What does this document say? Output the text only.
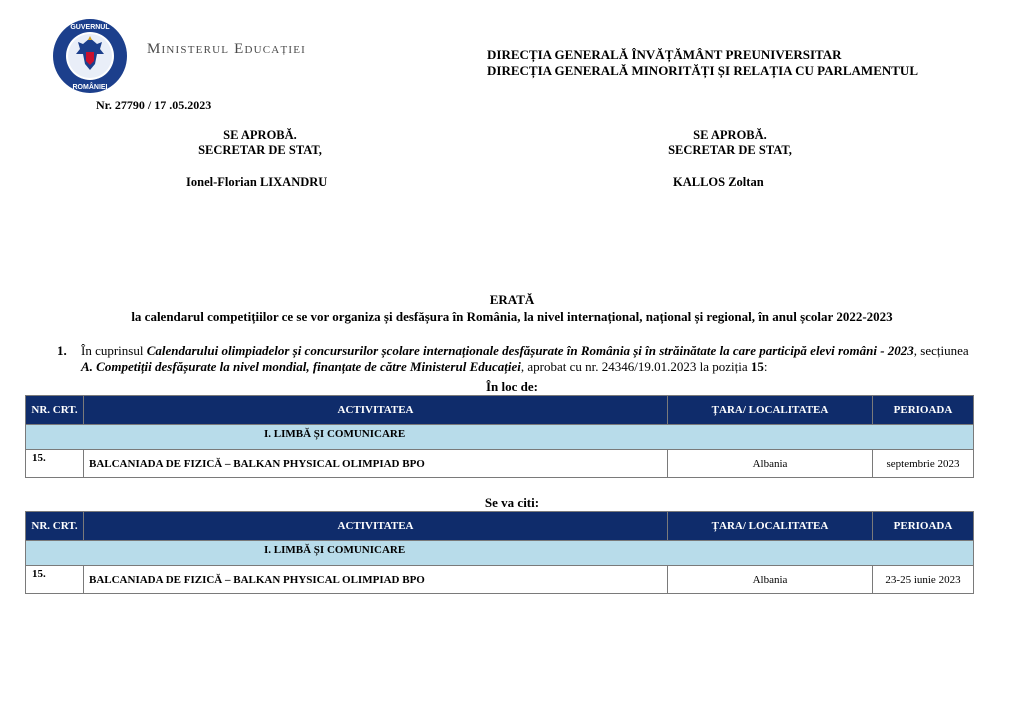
GUVERNUL
ROMÂNIEI
Ministerul Educației	DIRECȚIA GENERALĂ ÎNVĂȚĂMÂNT PREUNIVERSITAR
DIRECȚIA GENERALĂ MINORITĂȚI ȘI RELAȚIA CU PARLAMENTUL
Nr. 27790 / 17 .05.2023
SE APROBĂ.
SECRETAR DE STAT,
Ionel-Florian LIXANDRU
SE APROBĂ.
SECRETAR DE STAT,
KALLOS Zoltan
ERATĂ
la calendarul competițiilor ce se vor organiza și desfășura în România, la nivel internațional, național și regional, în anul școlar 2022-2023
1. În cuprinsul Calendarului olimpiadelor și concursurilor școlare internaționale desfășurate în România și în străinătate la care participă elevi români - 2023, secțiunea A. Competiții desfășurate la nivel mondial, finanțate de către Ministerul Educației, aprobat cu nr. 24346/19.01.2023 la poziția 15:
În loc de:
NR. CRT.	ACTIVITATEA	ȚARA/ LOCALITATEA	PERIOADA
I. LIMBĂ ȘI COMUNICARE			
15.	BALCANIADA DE FIZICĂ – BALKAN PHYSICAL OLIMPIAD BPO	Albania	septembrie 2023
Se va citi:
NR. CRT.	ACTIVITATEA	ȚARA/ LOCALITATEA	PERIOADA
I. LIMBĂ ȘI COMUNICARE			
15.	BALCANIADA DE FIZICĂ – BALKAN PHYSICAL OLIMPIAD BPO	Albania	23-25 iunie 2023
